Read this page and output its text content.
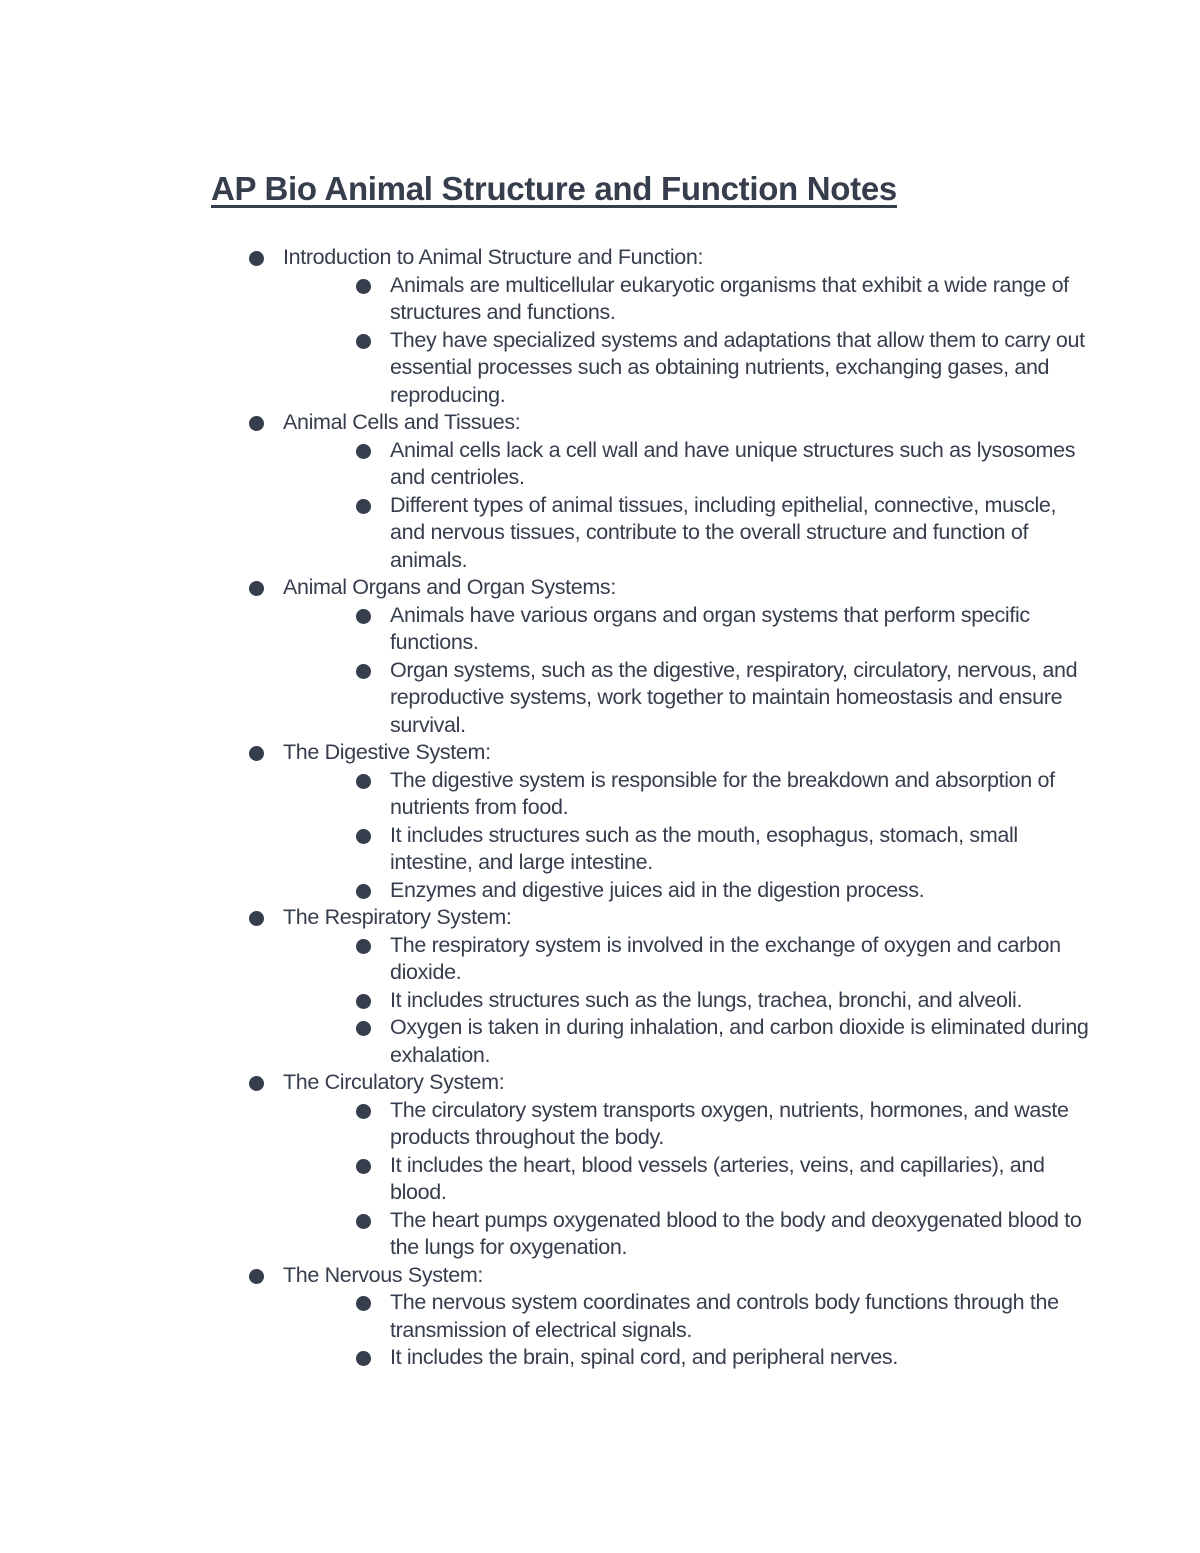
AP Bio Animal Structure and Function Notes
Introduction to Animal Structure and Function:
Animals are multicellular eukaryotic organisms that exhibit a wide range of structures and functions.
They have specialized systems and adaptations that allow them to carry out essential processes such as obtaining nutrients, exchanging gases, and reproducing.
Animal Cells and Tissues:
Animal cells lack a cell wall and have unique structures such as lysosomes and centrioles.
Different types of animal tissues, including epithelial, connective, muscle, and nervous tissues, contribute to the overall structure and function of animals.
Animal Organs and Organ Systems:
Animals have various organs and organ systems that perform specific functions.
Organ systems, such as the digestive, respiratory, circulatory, nervous, and reproductive systems, work together to maintain homeostasis and ensure survival.
The Digestive System:
The digestive system is responsible for the breakdown and absorption of nutrients from food.
It includes structures such as the mouth, esophagus, stomach, small intestine, and large intestine.
Enzymes and digestive juices aid in the digestion process.
The Respiratory System:
The respiratory system is involved in the exchange of oxygen and carbon dioxide.
It includes structures such as the lungs, trachea, bronchi, and alveoli.
Oxygen is taken in during inhalation, and carbon dioxide is eliminated during exhalation.
The Circulatory System:
The circulatory system transports oxygen, nutrients, hormones, and waste products throughout the body.
It includes the heart, blood vessels (arteries, veins, and capillaries), and blood.
The heart pumps oxygenated blood to the body and deoxygenated blood to the lungs for oxygenation.
The Nervous System:
The nervous system coordinates and controls body functions through the transmission of electrical signals.
It includes the brain, spinal cord, and peripheral nerves.
